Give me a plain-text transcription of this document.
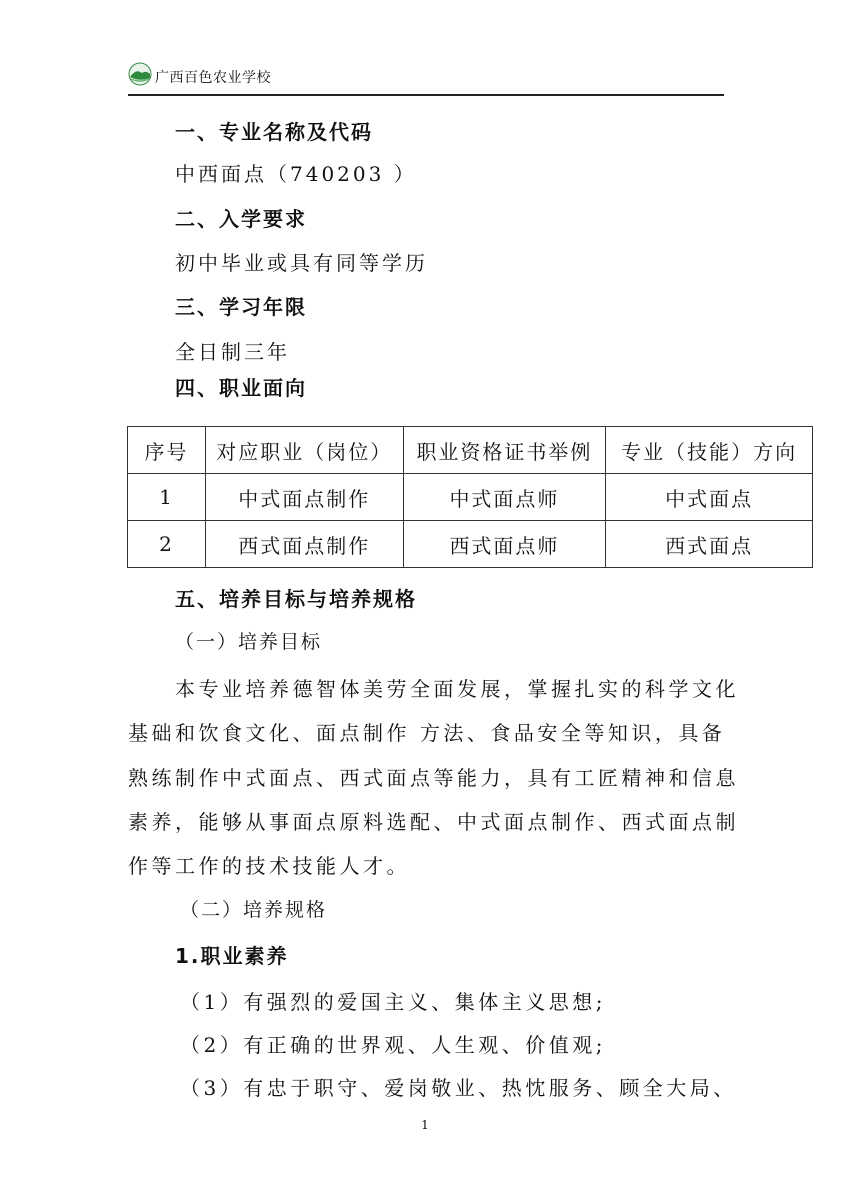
广西百色农业学校
一、专业名称及代码
中西面点（740203 ）
二、入学要求
初中毕业或具有同等学历
三、学习年限
全日制三年
四、职业面向
序号	对应职业（岗位）	职业资格证书举例	专业（技能）方向
1	中式面点制作	中式面点师	中式面点
2	西式面点制作	西式面点师	西式面点
五、培养目标与培养规格
（一）培养目标
本专业培养德智体美劳全面发展，掌握扎实的科学文化
基础和饮食文化、面点制作 方法、食品安全等知识，具备
熟练制作中式面点、西式面点等能力，具有工匠精神和信息
素养，能够从事面点原料选配、中式面点制作、西式面点制
作等工作的技术技能人才。
（二）培养规格
1.职业素养
（1）有强烈的爱国主义、集体主义思想;
（2）有正确的世界观、人生观、价值观;
（3）有忠于职守、爱岗敬业、热忱服务、顾全大局、
1
